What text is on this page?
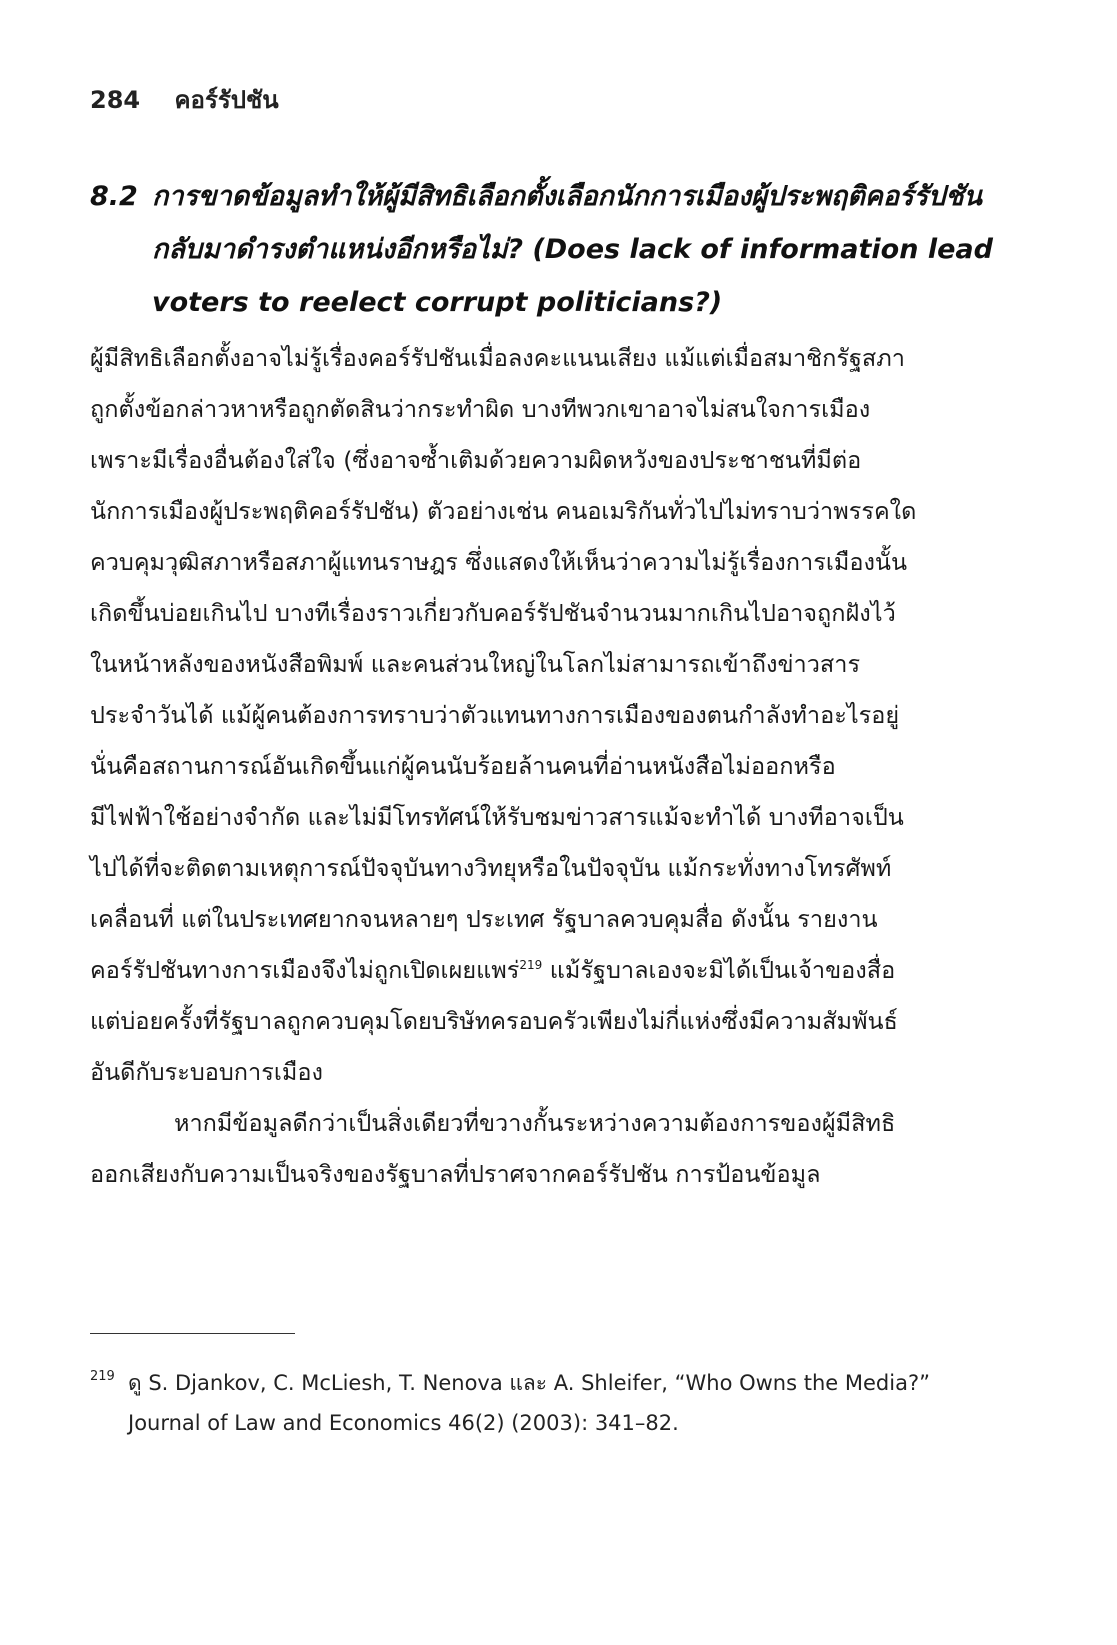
284 คอร์รัปชัน
8.2 การขาดข้อมูลทำให้ผู้มีสิทธิเลือกตั้งเลือกนักการเมืองผู้ประพฤติคอร์รัปชัน
กลับมาดำรงตำแหน่งอีกหรือไม่? (Does lack of information lead
voters to reelect corrupt politicians?)
ผู้มีสิทธิเลือกตั้งอาจไม่รู้เรื่องคอร์รัปชันเมื่อลงคะแนนเสียง แม้แต่เมื่อสมาชิกรัฐสภา
ถูกตั้งข้อกล่าวหาหรือถูกตัดสินว่ากระทำผิด บางทีพวกเขาอาจไม่สนใจการเมือง
เพราะมีเรื่องอื่นต้องใส่ใจ (ซึ่งอาจซ้ำเติมด้วยความผิดหวังของประชาชนที่มีต่อ
นักการเมืองผู้ประพฤติคอร์รัปชัน) ตัวอย่างเช่น คนอเมริกันทั่วไปไม่ทราบว่าพรรคใด
ควบคุมวุฒิสภาหรือสภาผู้แทนราษฎร ซึ่งแสดงให้เห็นว่าความไม่รู้เรื่องการเมืองนั้น
เกิดขึ้นบ่อยเกินไป บางทีเรื่องราวเกี่ยวกับคอร์รัปชันจำนวนมากเกินไปอาจถูกฝังไว้
ในหน้าหลังของหนังสือพิมพ์ และคนส่วนใหญ่ในโลกไม่สามารถเข้าถึงข่าวสาร
ประจำวันได้ แม้ผู้คนต้องการทราบว่าตัวแทนทางการเมืองของตนกำลังทำอะไรอยู่
นั่นคือสถานการณ์อันเกิดขึ้นแก่ผู้คนนับร้อยล้านคนที่อ่านหนังสือไม่ออกหรือ
มีไฟฟ้าใช้อย่างจำกัด และไม่มีโทรทัศน์ให้รับชมข่าวสารแม้จะทำได้ บางทีอาจเป็น
ไปได้ที่จะติดตามเหตุการณ์ปัจจุบันทางวิทยุหรือในปัจจุบัน แม้กระทั่งทางโทรศัพท์
เคลื่อนที่ แต่ในประเทศยากจนหลายๆ ประเทศ รัฐบาลควบคุมสื่อ ดังนั้น รายงาน
คอร์รัปชันทางการเมืองจึงไม่ถูกเปิดเผยแพร่$^{219}$ แม้รัฐบาลเองจะมิได้เป็นเจ้าของสื่อ
แต่บ่อยครั้งที่รัฐบาลถูกควบคุมโดยบริษัทครอบครัวเพียงไม่กี่แห่งซึ่งมีความสัมพันธ์
อันดีกับระบอบการเมือง
หากมีข้อมูลดีกว่าเป็นสิ่งเดียวที่ขวางกั้นระหว่างความต้องการของผู้มีสิทธิ
ออกเสียงกับความเป็นจริงของรัฐบาลที่ปราศจากคอร์รัปชัน การป้อนข้อมูล
219 ดู S. Djankov, C. McLiesh, T. Nenova และ A. Shleifer, “Who Owns the Media?”
Journal of Law and Economics 46(2) (2003): 341–82.
